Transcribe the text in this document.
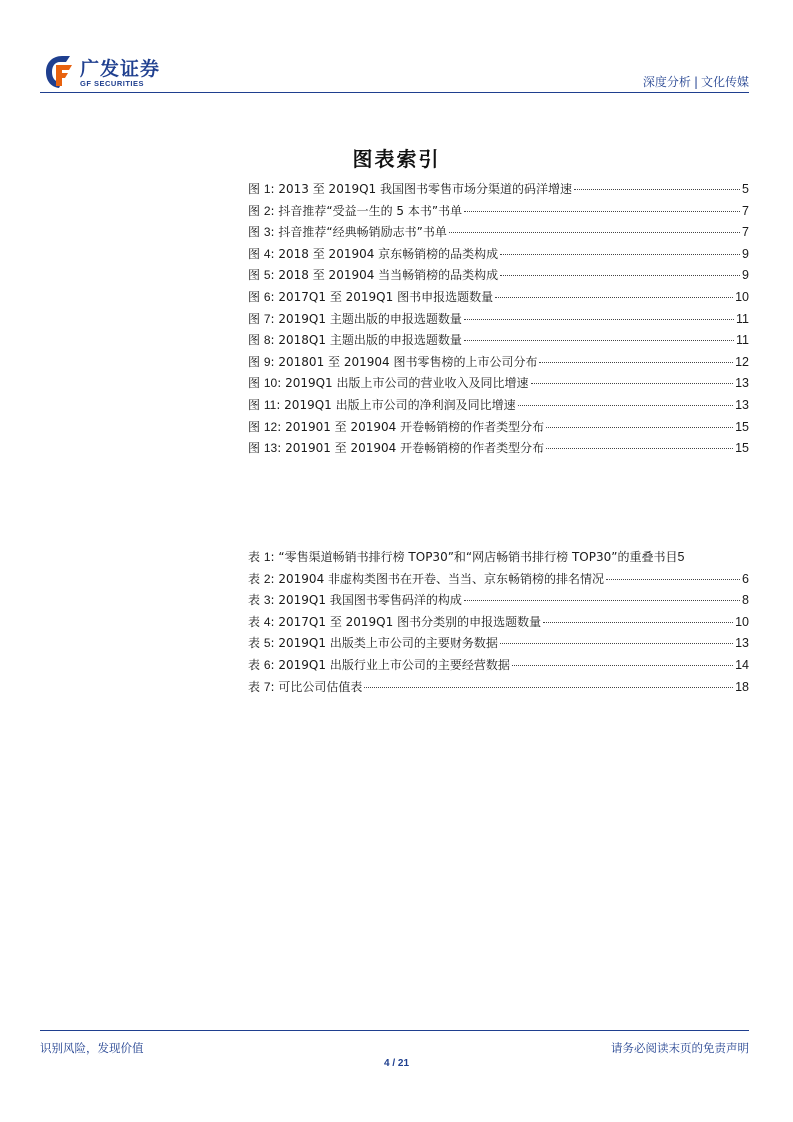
广发证券
GF SECURITIES	深度分析 | 文化传媒
图表索引
图 1: 2013 至 2019Q1 我国图书零售市场分渠道的码洋增速	5
图 2: 抖音推荐“受益一生的 5 本书”书单	7
图 3: 抖音推荐“经典畅销励志书”书单	7
图 4: 2018 至 201904 京东畅销榜的品类构成	9
图 5: 2018 至 201904 当当畅销榜的品类构成	9
图 6: 2017Q1 至 2019Q1 图书申报选题数量	10
图 7: 2019Q1 主题出版的申报选题数量	11
图 8: 2018Q1 主题出版的申报选题数量	11
图 9: 201801 至 201904 图书零售榜的上市公司分布	12
图 10: 2019Q1 出版上市公司的营业收入及同比增速	13
图 11: 2019Q1 出版上市公司的净利润及同比增速	13
图 12: 201901 至 201904 开卷畅销榜的作者类型分布	15
图 13: 201901 至 201904 开卷畅销榜的作者类型分布	15
表 1: “零售渠道畅销书排行榜 TOP30”和“网店畅销书排行榜 TOP30”的重叠书目 5
表 2: 201904 非虚构类图书在开卷、当当、京东畅销榜的排名情况	6
表 3: 2019Q1 我国图书零售码洋的构成	8
表 4: 2017Q1 至 2019Q1 图书分类别的申报选题数量	10
表 5: 2019Q1 出版类上市公司的主要财务数据	13
表 6: 2019Q1 出版行业上市公司的主要经营数据	14
表 7: 可比公司估值表	18
识别风险，发现价值	请务必阅读末页的免责声明
4 / 21
